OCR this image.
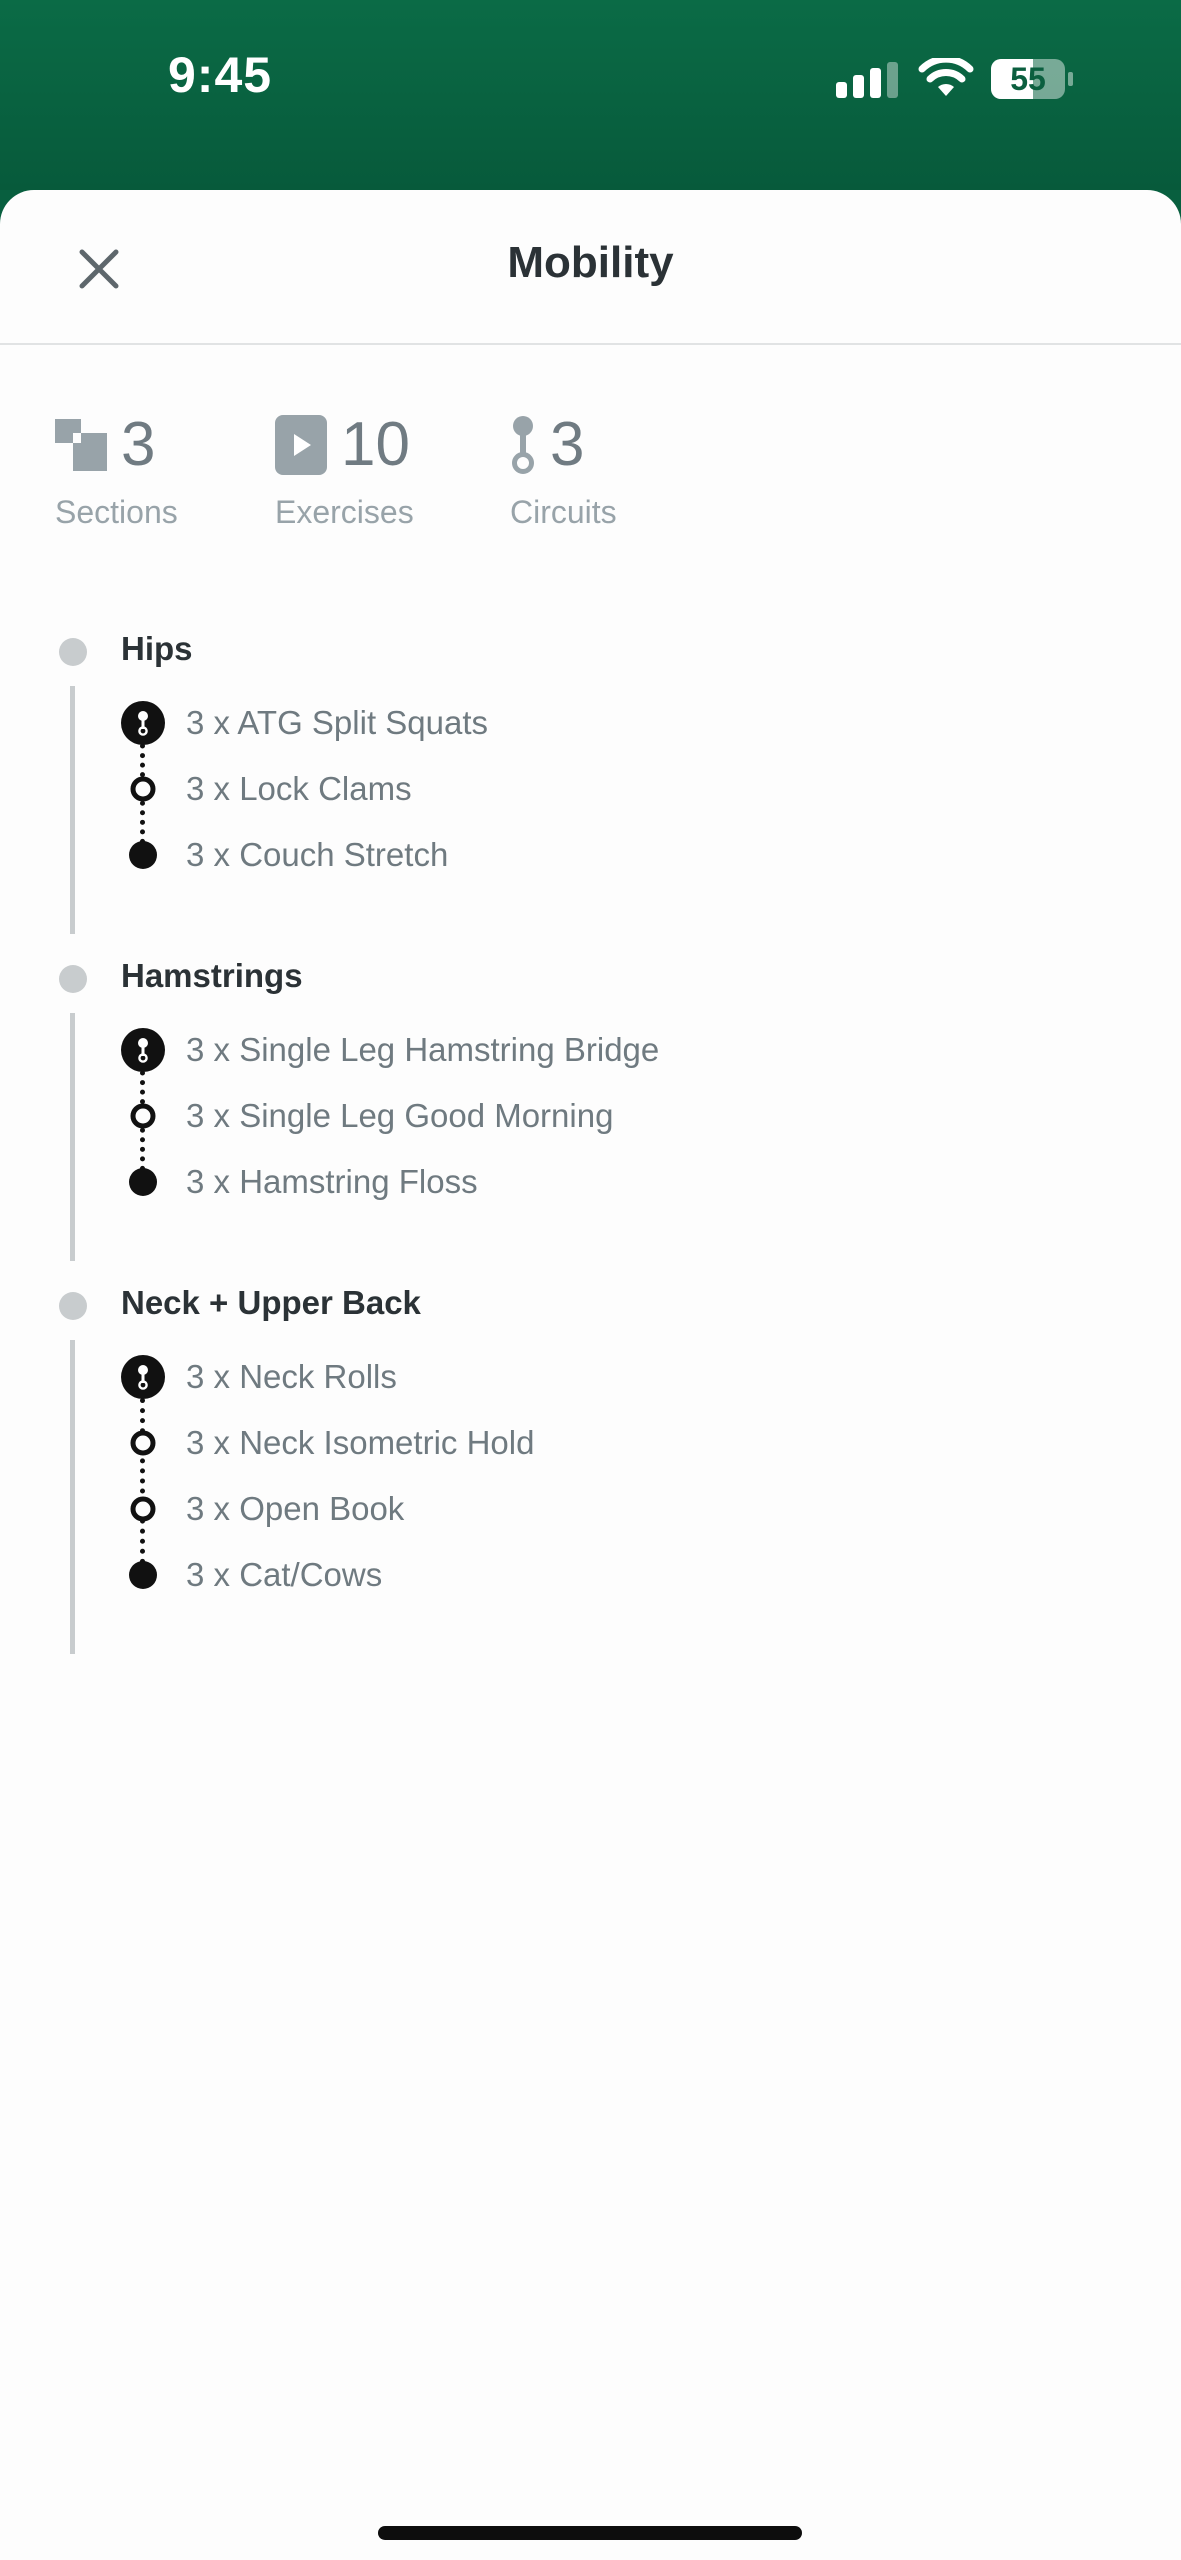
9:45	55
Mobility
3
Sections
10
Exercises
3
Circuits
Hips
3 x ATG Split Squats
3 x Lock Clams
3 x Couch Stretch
Hamstrings
3 x Single Leg Hamstring Bridge
3 x Single Leg Good Morning
3 x Hamstring Floss
Neck + Upper Back
3 x Neck Rolls
3 x Neck Isometric Hold
3 x Open Book
3 x Cat/Cows
